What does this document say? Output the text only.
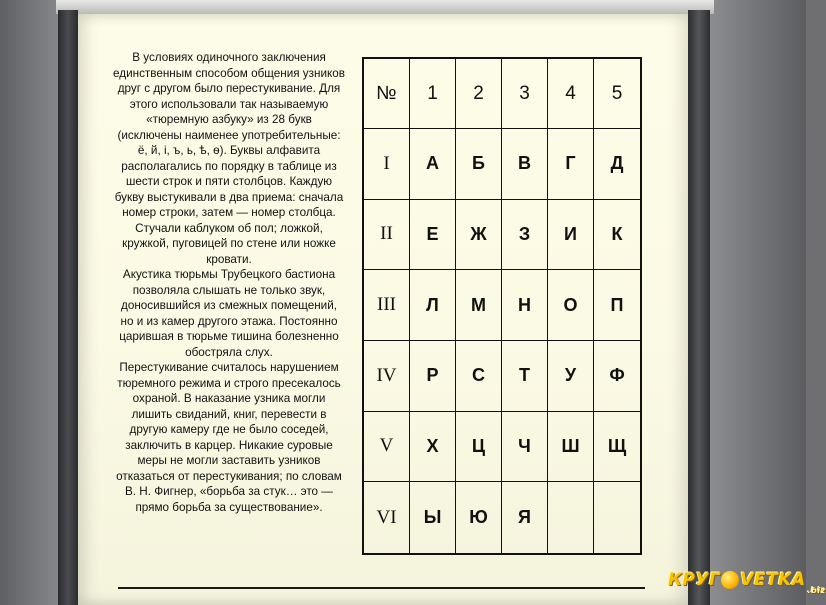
В условиях одиночного заключения единственным способом общения узников друг с другом было перестукивание. Для этого использовали так называемую «тюремную азбуку» из 28 букв (исключены наименее употребительные: ё, й, і, ъ, ь, ѣ, ѳ). Буквы алфавита располагались по порядку в таблице из шести строк и пяти столбцов. Каждую букву выстукивали в два приема: сначала номер строки, затем — номер столбца. Стучали каблуком об пол; ложкой, кружкой, пуговицей по стене или ножке кровати.

Акустика тюрьмы Трубецкого бастиона позволяла слышать не только звук, доносившийся из смежных помещений, но и из камер другого этажа. Постоянно царившая в тюрьме тишина болезненно обостряла слух.

Перестукивание считалось нарушением тюремного режима и строго пресекалось охраной. В наказание узника могли лишить свиданий, книг, перевести в другую камеру где не было соседей, заключить в карцер. Никакие суровые меры не могли заставить узников отказаться от перестукивания; по словам В. Н. Фигнер, «борьба за стук… это — прямо борьба за существование».

№	1	2	3	4	5
I	А	Б	В	Г	Д
II	Е	Ж	З	И	К
III	Л	М	Н	О	П
IV	Р	С	Т	У	Ф
V	Х	Ц	Ч	Ш	Щ
VI	Ы	Ю	Я
КРУГ VETKA
.biz
